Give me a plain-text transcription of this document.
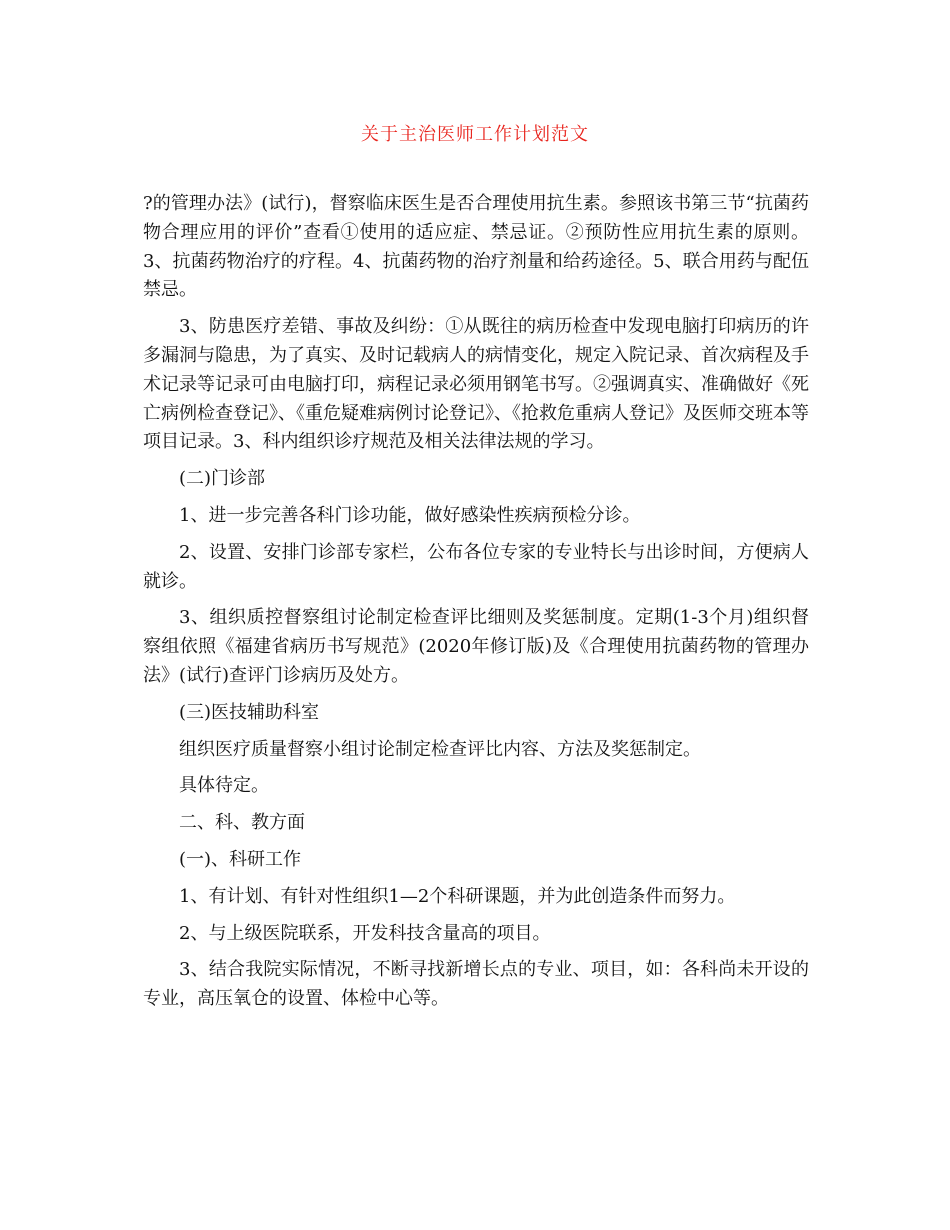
关于主治医师工作计划范文

?的管理办法》(试行)，督察临床医生是否合理使用抗生素。参照该书第三节“抗菌药物合理应用的评价”查看①使用的适应症、禁忌证。②预防性应用抗生素的原则。3、抗菌药物治疗的疗程。4、抗菌药物的治疗剂量和给药途径。5、联合用药与配伍禁忌。

3、防患医疗差错、事故及纠纷：①从既往的病历检查中发现电脑打印病历的许多漏洞与隐患，为了真实、及时记载病人的病情变化，规定入院记录、首次病程及手术记录等记录可由电脑打印，病程记录必须用钢笔书写。②强调真实、准确做好《死亡病例检查登记》、《重危疑难病例讨论登记》、《抢救危重病人登记》及医师交班本等项目记录。3、科内组织诊疗规范及相关法律法规的学习。

(二)门诊部

1、进一步完善各科门诊功能，做好感染性疾病预检分诊。

2、设置、安排门诊部专家栏，公布各位专家的专业特长与出诊时间，方便病人就诊。

3、组织质控督察组讨论制定检查评比细则及奖惩制度。定期(1-3个月)组织督察组依照《福建省病历书写规范》(2020年修订版)及《合理使用抗菌药物的管理办法》(试行)查评门诊病历及处方。

(三)医技辅助科室

组织医疗质量督察小组讨论制定检查评比内容、方法及奖惩制定。

具体待定。

二、科、教方面

(一)、科研工作

1、有计划、有针对性组织1—2个科研课题，并为此创造条件而努力。

2、与上级医院联系，开发科技含量高的项目。

3、结合我院实际情况，不断寻找新增长点的专业、项目，如：各科尚未开设的专业，高压氧仓的设置、体检中心等。
